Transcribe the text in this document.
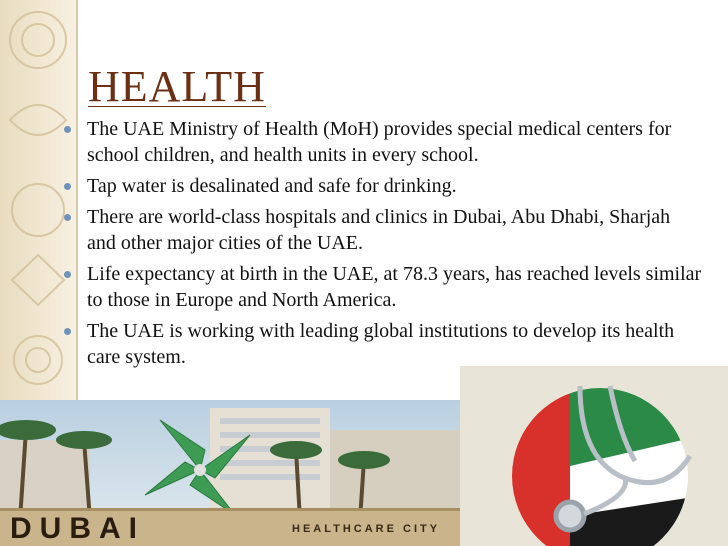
HEALTH
The UAE Ministry of Health (MoH) provides special medical centers for school children, and health units in every school.
Tap water is desalinated and safe for drinking.
There are world-class hospitals and clinics in Dubai, Abu Dhabi, Sharjah and other major cities of the UAE.
Life expectancy at birth in the UAE, at 78.3 years, has reached levels similar to those in Europe and North America.
The UAE is working with leading global institutions to develop its health care system.
DUBAI	HEALTHCARE CITY
